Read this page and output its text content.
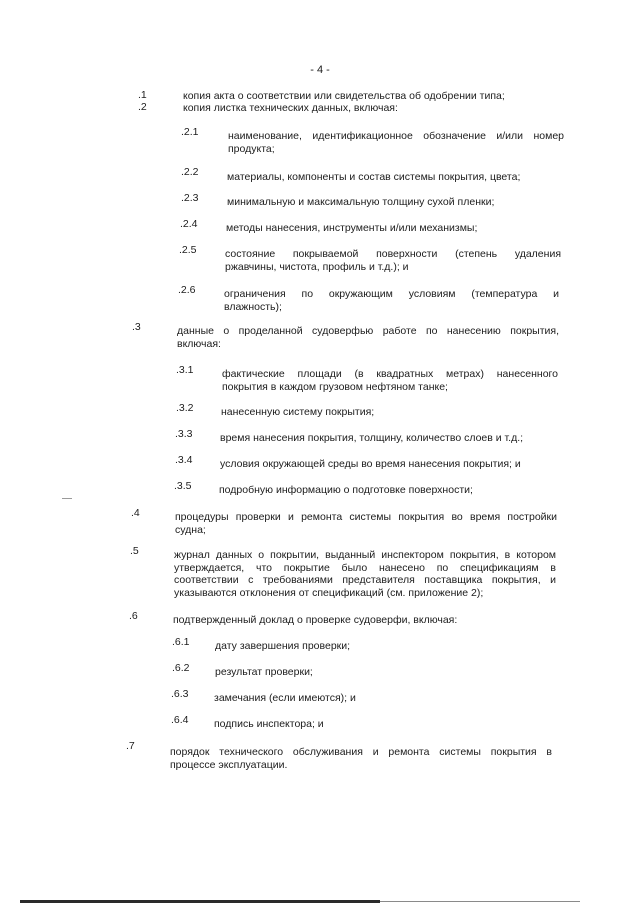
- 4 -
.1	копия акта о соответствии или свидетельства об одобрении типа;
.2	копия листка технических данных, включая:
.2.1	наименование, идентификационное обозначение и/или номер
продукта;
.2.2	материалы, компоненты и состав системы покрытия, цвета;
.2.3	минимальную и максимальную толщину сухой пленки;
.2.4	методы нанесения, инструменты и/или механизмы;
.2.5	состояние покрываемой поверхности (степень удаления
ржавчины, чистота, профиль и т.д.); и
.2.6	ограничения по окружающим условиям (температура и
влажность);
.3	данные о проделанной судоверфью работе по нанесению покрытия,
включая:
.3.1	фактические площади (в квадратных метрах) нанесенного
покрытия в каждом грузовом нефтяном танке;
.3.2	нанесенную систему покрытия;
.3.3	время нанесения покрытия, толщину, количество слоев и т.д.;
.3.4	условия окружающей среды во время нанесения покрытия; и
.3.5	подробную информацию о подготовке поверхности;
.4	процедуры проверки и ремонта системы покрытия во время постройки
судна;
.5	журнал данных о покрытии, выданный инспектором покрытия, в котором утверждается, что покрытие было нанесено по спецификациям в соответствии с требованиями представителя поставщика покрытия, и
указываются отклонения от спецификаций (см. приложение 2);
.6	подтвержденный доклад о проверке судоверфи, включая:
.6.1 дату завершения проверки;
.6.2 результат проверки;
.6.3 замечания (если имеются); и
.6.4 подпись инспектора; и
.7	порядок технического обслуживания и ремонта системы покрытия в
процессе эксплуатации.
